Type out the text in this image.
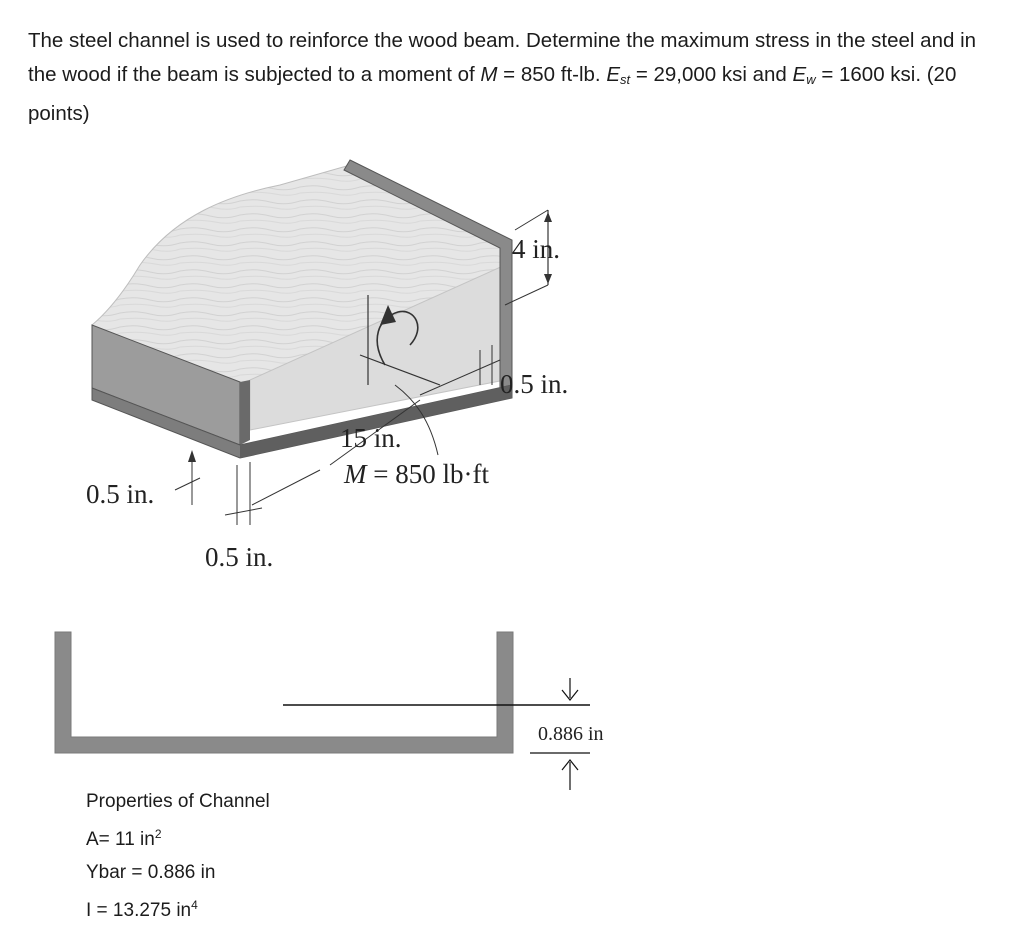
The steel channel is used to reinforce the wood beam. Determine the maximum stress in the steel and in the wood if the beam is subjected to a moment of M = 850 ft-lb. $E_{st} = 29,000$ ksi and $E_w = 1600$ ksi. (20 points)
4 in.
0.5 in.
15 in.
M = 850 lb·ft
0.5 in.
0.5 in.
0.886 in
Properties of Channel
A= 11 $in^2$
Ybar = 0.886 in
I = 13.275 $in^4$
